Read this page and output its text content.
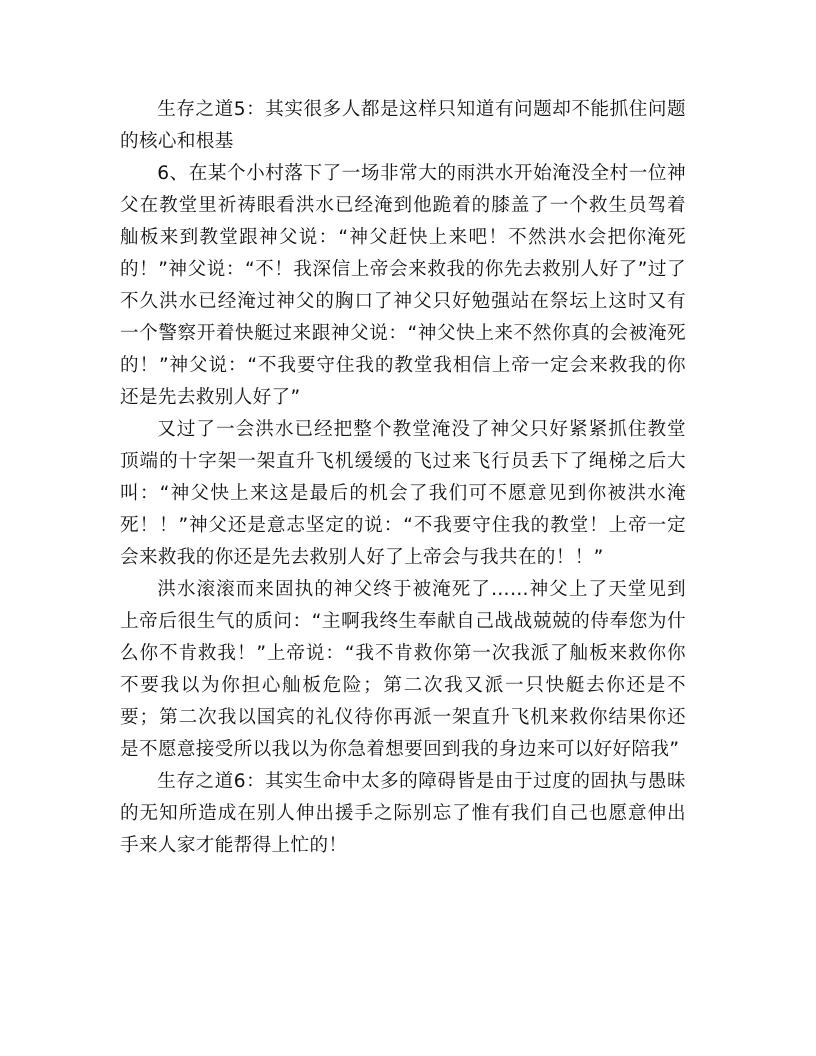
生存之道5：其实很多人都是这样只知道有问题却不能抓住问题的核心和根基

6、在某个小村落下了一场非常大的雨洪水开始淹没全村一位神父在教堂里祈祷眼看洪水已经淹到他跪着的膝盖了一个救生员驾着舢板来到教堂跟神父说：“神父赶快上来吧！不然洪水会把你淹死的！”神父说：“不！我深信上帝会来救我的你先去救别人好了”过了不久洪水已经淹过神父的胸口了神父只好勉强站在祭坛上这时又有一个警察开着快艇过来跟神父说：“神父快上来不然你真的会被淹死的！”神父说：“不我要守住我的教堂我相信上帝一定会来救我的你还是先去救别人好了”

又过了一会洪水已经把整个教堂淹没了神父只好紧紧抓住教堂顶端的十字架一架直升飞机缓缓的飞过来飞行员丢下了绳梯之后大叫：“神父快上来这是最后的机会了我们可不愿意见到你被洪水淹死！！”神父还是意志坚定的说：“不我要守住我的教堂！上帝一定会来救我的你还是先去救别人好了上帝会与我共在的！！”

洪水滚滚而来固执的神父终于被淹死了……神父上了天堂见到上帝后很生气的质问：“主啊我终生奉献自己战战兢兢的侍奉您为什么你不肯救我！”上帝说：“我不肯救你第一次我派了舢板来救你你不要我以为你担心舢板危险；第二次我又派一只快艇去你还是不要；第二次我以国宾的礼仪待你再派一架直升飞机来救你结果你还是不愿意接受所以我以为你急着想要回到我的身边来可以好好陪我”

生存之道6：其实生命中太多的障碍皆是由于过度的固执与愚昧的无知所造成在别人伸出援手之际别忘了惟有我们自己也愿意伸出手来人家才能帮得上忙的！
